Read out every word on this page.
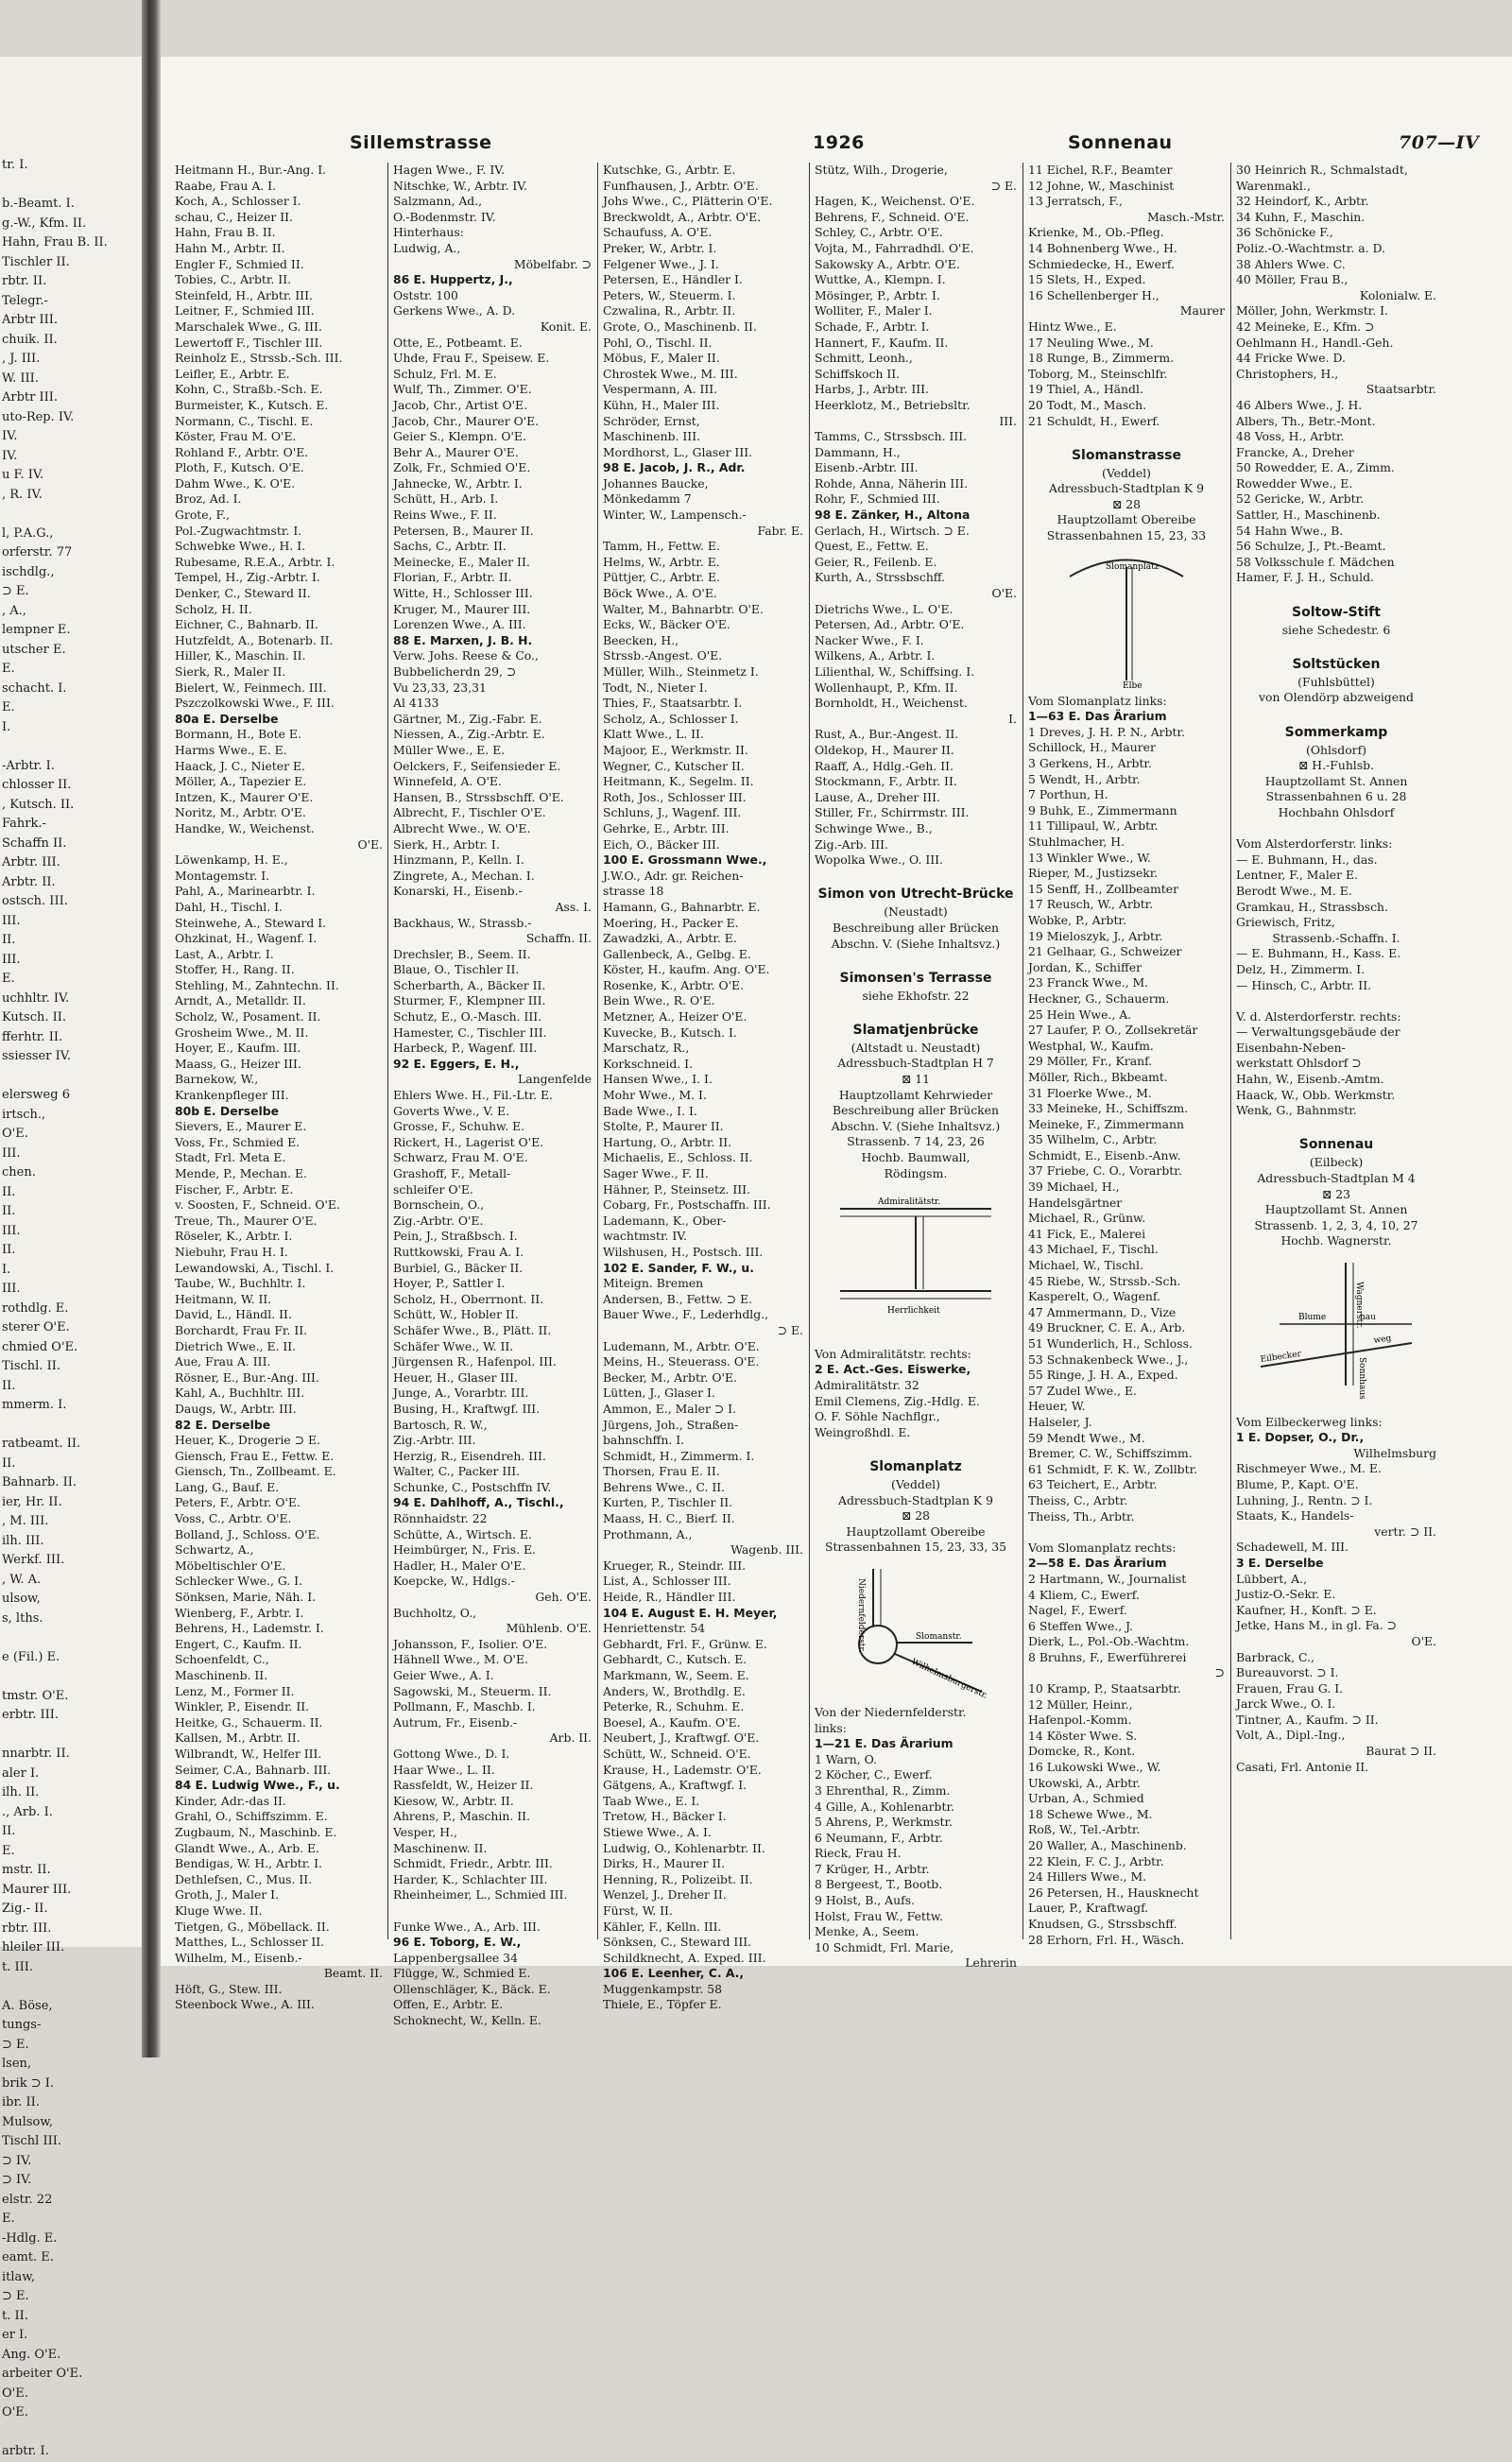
tr. I.
b.-Beamt. I.
g.-W., Kfm. II.
Hahn, Frau B. II.
Tischler II.
rbtr. II.
Telegr.-
Arbtr III.
chuik. II.
, J. III.
W. III.
Arbtr III.
uto-Rep. IV.
IV.
IV.
u F. IV.
, R. IV.
l, P.A.G.,
orferstr. 77
ischdlg.,
⊃ E.
, A.,
lempner E.
utscher E.
E.
schacht. I.
E.
I.
-Arbtr. I.
chlosser II.
, Kutsch. II.
Fahrk.-
Schaffn II.
Arbtr. III.
Arbtr. II.
ostsch. III.
III.
II.
III.
E.
uchhltr. IV.
Kutsch. II.
fferhtr. II.
ssiesser IV.
elersweg 6
irtsch.,
O'E.
III.
chen.
II.
II.
III.
II.
I.
III.
rothdlg. E.
sterer O'E.
chmied O'E.
Tischl. II.
II.
mmerm. I.
ratbeamt. II.
II.
Bahnarb. II.
ier, Hr. II.
, M. III.
ilh. III.
Werkf. III.
, W. A.
ulsow,
s, lths.
e (Fil.) E.
tmstr. O'E.
erbtr. III.
nnarbtr. II.
aler I.
ilh. II.
., Arb. I.
II.
E.
mstr. II.
Maurer III.
Zig.- II.
rbtr. III.
hleiler III.
t. III.
A. Böse,
tungs-
⊃ E.
lsen,
brik ⊃ I.
ibr. II.
Mulsow,
Tischl III.
⊃ IV.
⊃ IV.
elstr. 22
E.
-Hdlg. E.
eamt. E.
itlaw,
⊃ E.
t. II.
er I.
Ang. O'E.
arbeiter O'E.
O'E.
O'E.
arbtr. I.
Sillemstrasse	1926	Sonnenau	707—IV
Heitmann H., Bur.-Ang. I.
Raabe, Frau A. I.
Koch, A., Schlosser I.
schau, C., Heizer II.
Hahn, Frau B. II.
Hahn M., Arbtr. II.
Engler F., Schmied II.
Tobies, C., Arbtr. II.
Steinfeld, H., Arbtr. III.
Leitner, F., Schmied III.
Marschalek Wwe., G. III.
Lewertoff F., Tischler III.
Reinholz E., Strssb.-Sch. III.
Leifler, E., Arbtr. E.
Kohn, C., Straßb.-Sch. E.
Burmeister, K., Kutsch. E.
Normann, C., Tischl. E.
Köster, Frau M. O'E.
Rohland F., Arbtr. O'E.
Ploth, F., Kutsch. O'E.
Dahm Wwe., K. O'E.
Broz, Ad. I.
Grote, F.,
Pol.-Zugwachtmstr. I.
Schwebke Wwe., H. I.
Rubesame, R.E.A., Arbtr. I.
Tempel, H., Zig.-Arbtr. I.
Denker, C., Steward II.
Scholz, H. II.
Eichner, C., Bahnarb. II.
Hutzfeldt, A., Botenarb. II.
Hiller, K., Maschin. II.
Sierk, R., Maler II.
Bielert, W., Feinmech. III.
Pszczolkowski Wwe., F. III.
80a E. Derselbe
Bormann, H., Bote E.
Harms Wwe., E. E.
Haack, J. C., Nieter E.
Möller, A., Tapezier E.
Intzen, K., Maurer O'E.
Noritz, M., Arbtr. O'E.
Handke, W., Weichenst.
O'E.
Löwenkamp, H. E.,
Montagemstr. I.
Pahl, A., Marinearbtr. I.
Dahl, H., Tischl. I.
Steinwehe, A., Steward I.
Ohzkinat, H., Wagenf. I.
Last, A., Arbtr. I.
Stoffer, H., Rang. II.
Stehling, M., Zahntechn. II.
Arndt, A., Metalldr. II.
Scholz, W., Posament. II.
Grosheim Wwe., M. II.
Hoyer, E., Kaufm. III.
Maass, G., Heizer III.
Barnekow, W.,
Krankenpfleger III.
80b E. Derselbe
Sievers, E., Maurer E.
Voss, Fr., Schmied E.
Stadt, Frl. Meta E.
Mende, P., Mechan. E.
Fischer, F., Arbtr. E.
v. Soosten, F., Schneid. O'E.
Treue, Th., Maurer O'E.
Röseler, K., Arbtr. I.
Niebuhr, Frau H. I.
Lewandowski, A., Tischl. I.
Taube, W., Buchhltr. I.
Heitmann, W. II.
David, L., Händl. II.
Borchardt, Frau Fr. II.
Dietrich Wwe., E. II.
Aue, Frau A. III.
Rösner, E., Bur.-Ang. III.
Kahl, A., Buchhltr. III.
Daugs, W., Arbtr. III.
82 E. Derselbe
Heuer, K., Drogerie ⊃ E.
Giensch, Frau E., Fettw. E.
Giensch, Tn., Zollbeamt. E.
Lang, G., Bauf. E.
Peters, F., Arbtr. O'E.
Voss, C., Arbtr. O'E.
Bolland, J., Schloss. O'E.
Schwartz, A.,
Möbeltischler O'E.
Schlecker Wwe., G. I.
Sönksen, Marie, Näh. I.
Wienberg, F., Arbtr. I.
Behrens, H., Lademstr. I.
Engert, C., Kaufm. II.
Schoenfeldt, C.,
Maschinenb. II.
Lenz, M., Former II.
Winkler, P., Eisendr. II.
Heitke, G., Schauerm. II.
Kallsen, M., Arbtr. II.
Wilbrandt, W., Helfer III.
Seimer, C.A., Bahnarb. III.
84 E. Ludwig Wwe., F., u.
Kinder, Adr.-das II.
Grahl, O., Schiffszimm. E.
Zugbaum, N., Maschinb. E.
Glandt Wwe., A., Arb. E.
Bendigas, W. H., Arbtr. I.
Dethlefsen, C., Mus. II.
Groth, J., Maler I.
Kluge Wwe. II.
Tietgen, G., Möbellack. II.
Matthes, L., Schlosser II.
Wilhelm, M., Eisenb.-
Beamt. II.
Höft, G., Stew. III.
Steenbock Wwe., A. III.
Hagen Wwe., F. IV.
Nitschke, W., Arbtr. IV.
Salzmann, Ad.,
O.-Bodenmstr. IV.
Hinterhaus:
Ludwig, A.,
Möbelfabr. ⊃
86 E. Huppertz, J.,
Oststr. 100
Gerkens Wwe., A. D.
Konit. E.
Otte, E., Potbeamt. E.
Uhde, Frau F., Speisew. E.
Schulz, Frl. M. E.
Wulf, Th., Zimmer. O'E.
Jacob, Chr., Artist O'E.
Jacob, Chr., Maurer O'E.
Geier S., Klempn. O'E.
Behr A., Maurer O'E.
Zolk, Fr., Schmied O'E.
Jahnecke, W., Arbtr. I.
Schütt, H., Arb. I.
Reins Wwe., F. II.
Petersen, B., Maurer II.
Sachs, C., Arbtr. II.
Meinecke, E., Maler II.
Florian, F., Arbtr. II.
Witte, H., Schlosser III.
Kruger, M., Maurer III.
Lorenzen Wwe., A. III.
88 E. Marxen, J. B. H.
Verw. Johs. Reese & Co.,
Bubbelicherdn 29, ⊃
Vu 23,33, 23,31
Al 4133
Gärtner, M., Zig.-Fabr. E.
Niessen, A., Zig.-Arbtr. E.
Müller Wwe., E. E.
Oelckers, F., Seifensieder E.
Winnefeld, A. O'E.
Hansen, B., Strssbschff. O'E.
Albrecht, F., Tischler O'E.
Albrecht Wwe., W. O'E.
Sierk, H., Arbtr. I.
Hinzmann, P., Kelln. I.
Zingrete, A., Mechan. I.
Konarski, H., Eisenb.-
Ass. I.
Backhaus, W., Strassb.-
Schaffn. II.
Drechsler, B., Seem. II.
Blaue, O., Tischler II.
Scherbarth, A., Bäcker II.
Sturmer, F., Klempner III.
Schutz, E., O.-Masch. III.
Hamester, C., Tischler III.
Harbeck, P., Wagenf. III.
92 E. Eggers, E. H.,
Langenfelde
Ehlers Wwe. H., Fil.-Ltr. E.
Goverts Wwe., V. E.
Grosse, F., Schuhw. E.
Rickert, H., Lagerist O'E.
Schwarz, Frau M. O'E.
Grashoff, F., Metall-
schleifer O'E.
Bornschein, O.,
Zig.-Arbtr. O'E.
Pein, J., Straßbsch. I.
Ruttkowski, Frau A. I.
Burbiel, G., Bäcker II.
Hoyer, P., Sattler I.
Scholz, H., Oberrnont. II.
Schütt, W., Hobler II.
Schäfer Wwe., B., Plätt. II.
Schäfer Wwe., W. II.
Jürgensen R., Hafenpol. III.
Heuer, H., Glaser III.
Junge, A., Vorarbtr. III.
Busing, H., Kraftwgf. III.
Bartosch, R. W.,
Zig.-Arbtr. III.
Herzig, R., Eisendreh. III.
Walter, C., Packer III.
Schunke, C., Postschffn IV.
94 E. Dahlhoff, A., Tischl.,
Rönnhaidstr. 22
Schütte, A., Wirtsch. E.
Heimbürger, N., Fris. E.
Hadler, H., Maler O'E.
Koepcke, W., Hdlgs.-
Geh. O'E.
Buchholtz, O.,
Mühlenb. O'E.
Johansson, F., Isolier. O'E.
Hähnell Wwe., M. O'E.
Geier Wwe., A. I.
Sagowski, M., Steuerm. II.
Pollmann, F., Maschb. I.
Autrum, Fr., Eisenb.-
Arb. II.
Gottong Wwe., D. I.
Haar Wwe., L. II.
Rassfeldt, W., Heizer II.
Kiesow, W., Arbtr. II.
Ahrens, P., Maschin. II.
Vesper, H.,
Maschinenw. II.
Schmidt, Friedr., Arbtr. III.
Harder, K., Schlachter III.
Rheinheimer, L., Schmied III.
Funke Wwe., A., Arb. III.
96 E. Toborg, E. W.,
Lappenbergsallee 34
Flügge, W., Schmied E.
Ollenschläger, K., Bäck. E.
Offen, E., Arbtr. E.
Schoknecht, W., Kelln. E.
Kutschke, G., Arbtr. E.
Funfhausen, J., Arbtr. O'E.
Johs Wwe., C., Plätterin O'E.
Breckwoldt, A., Arbtr. O'E.
Schaufuss, A. O'E.
Preker, W., Arbtr. I.
Felgener Wwe., J. I.
Petersen, E., Händler I.
Peters, W., Steuerm. I.
Czwalina, R., Arbtr. II.
Grote, O., Maschinenb. II.
Pohl, O., Tischl. II.
Möbus, F., Maler II.
Chrostek Wwe., M. III.
Vespermann, A. III.
Kühn, H., Maler III.
Schröder, Ernst,
Maschinenb. III.
Mordhorst, L., Glaser III.
98 E. Jacob, J. R., Adr.
Johannes Baucke,
Mönkedamm 7
Winter, W., Lampensch.-
Fabr. E.
Tamm, H., Fettw. E.
Helms, W., Arbtr. E.
Püttjer, C., Arbtr. E.
Böck Wwe., A. O'E.
Walter, M., Bahnarbtr. O'E.
Ecks, W., Bäcker O'E.
Beecken, H.,
Strssb.-Angest. O'E.
Müller, Wilh., Steinmetz I.
Todt, N., Nieter I.
Thies, F., Staatsarbtr. I.
Scholz, A., Schlosser I.
Klatt Wwe., L. II.
Majoor, E., Werkmstr. II.
Wegner, C., Kutscher II.
Heitmann, K., Segelm. II.
Roth, Jos., Schlosser III.
Schluns, J., Wagenf. III.
Gehrke, E., Arbtr. III.
Eich, O., Bäcker III.
100 E. Grossmann Wwe.,
J.W.O., Adr. gr. Reichen-
strasse 18
Hamann, G., Bahnarbtr. E.
Moering, H., Packer E.
Zawadzki, A., Arbtr. E.
Gallenbeck, A., Gelbg. E.
Köster, H., kaufm. Ang. O'E.
Rosenke, K., Arbtr. O'E.
Bein Wwe., R. O'E.
Metzner, A., Heizer O'E.
Kuvecke, B., Kutsch. I.
Marschatz, R.,
Korkschneid. I.
Hansen Wwe., I. I.
Mohr Wwe., M. I.
Bade Wwe., I. I.
Stolte, P., Maurer II.
Hartung, O., Arbtr. II.
Michaelis, E., Schloss. II.
Sager Wwe., F. II.
Hähner, P., Steinsetz. III.
Cobarg, Fr., Postschaffn. III.
Lademann, K., Ober-
wachtmstr. IV.
Wilshusen, H., Postsch. III.
102 E. Sander, F. W., u.
Miteign. Bremen
Andersen, B., Fettw. ⊃ E.
Bauer Wwe., F., Lederhdlg.,
⊃ E.
Ludemann, M., Arbtr. O'E.
Meins, H., Steuerass. O'E.
Becker, M., Arbtr. O'E.
Lütten, J., Glaser I.
Ammon, E., Maler ⊃ I.
Jürgens, Joh., Straßen-
bahnschffn. I.
Schmidt, H., Zimmerm. I.
Thorsen, Frau E. II.
Behrens Wwe., C. II.
Kurten, P., Tischler II.
Maass, H. C., Bierf. II.
Prothmann, A.,
Wagenb. III.
Krueger, R., Steindr. III.
List, A., Schlosser III.
Heide, R., Händler III.
104 E. August E. H. Meyer,
Henriettenstr. 54
Gebhardt, Frl. F., Grünw. E.
Gebhardt, C., Kutsch. E.
Markmann, W., Seem. E.
Anders, W., Brothdlg. E.
Peterke, R., Schuhm. E.
Boesel, A., Kaufm. O'E.
Neubert, J., Kraftwgf. O'E.
Schütt, W., Schneid. O'E.
Krause, H., Lademstr. O'E.
Gätgens, A., Kraftwgf. I.
Taab Wwe., E. I.
Tretow, H., Bäcker I.
Stiewe Wwe., A. I.
Ludwig, O., Kohlenarbtr. II.
Dirks, H., Maurer II.
Henning, R., Polizeibt. II.
Wenzel, J., Dreher II.
Fürst, W. II.
Kähler, F., Kelln. III.
Sönksen, C., Steward III.
Schildknecht, A. Exped. III.
106 E. Leenher, C. A.,
Muggenkampstr. 58
Thiele, E., Töpfer E.
Stütz, Wilh., Drogerie,
⊃ E.
Hagen, K., Weichenst. O'E.
Behrens, F., Schneid. O'E.
Schley, C., Arbtr. O'E.
Vojta, M., Fahrradhdl. O'E.
Sakowsky A., Arbtr. O'E.
Wuttke, A., Klempn. I.
Mösinger, P., Arbtr. I.
Wolliter, F., Maler I.
Schade, F., Arbtr. I.
Hannert, F., Kaufm. II.
Schmitt, Leonh.,
Schiffskoch II.
Harbs, J., Arbtr. III.
Heerklotz, M., Betriebsltr.
III.
Tamms, C., Strssbsch. III.
Dammann, H.,
Eisenb.-Arbtr. III.
Rohde, Anna, Näherin III.
Rohr, F., Schmied III.
98 E. Zänker, H., Altona
Gerlach, H., Wirtsch. ⊃ E.
Quest, E., Fettw. E.
Geier, R., Feilenb. E.
Kurth, A., Strssbschff.
O'E.
Dietrichs Wwe., L. O'E.
Petersen, Ad., Arbtr. O'E.
Nacker Wwe., F. I.
Wilkens, A., Arbtr. I.
Lilienthal, W., Schiffsing. I.
Wollenhaupt, P., Kfm. II.
Bornholdt, H., Weichenst.
I.
Rust, A., Bur.-Angest. II.
Oldekop, H., Maurer II.
Raaff, A., Hdlg.-Geh. II.
Stockmann, F., Arbtr. II.
Lause, A., Dreher III.
Stiller, Fr., Schirrmstr. III.
Schwinge Wwe., B.,
Zig.-Arb. III.
Wopolka Wwe., O. III.
Simon von Utrecht-Brücke
(Neustadt)
Beschreibung aller Brücken
Abschn. V. (Siehe Inhaltsvz.)
Simonsen's Terrasse
siehe Ekhofstr. 22
Slamatjenbrücke
(Altstadt u. Neustadt)
Adressbuch-Stadtplan H 7
⊠ 11
Hauptzollamt Kehrwieder
Beschreibung aller Brücken
Abschn. V. (Siehe Inhaltsvz.)
Strassenb. 7 14, 23, 26
Hochb. Baumwall,
Rödingsm.
Admiralitätstr.
Herrlichkeit
Von Admiralitätstr. rechts:
2 E. Act.-Ges. Eiswerke,
Admiralitätstr. 32
Emil Clemens, Zig.-Hdlg. E.
O. F. Söhle Nachflgr.,
Weingroßhdl. E.
Slomanplatz
(Veddel)
Adressbuch-Stadtplan K 9
⊠ 28
Hauptzollamt Obereibe
Strassenbahnen 15, 23, 33, 35
Niedernfelderstr.	Slomanstr.
Wilhelmsburgerstr.
Von der Niedernfelderstr.
links:
1—21 E. Das Ärarium
1 Warn, O.
2 Köcher, C., Ewerf.
3 Ehrenthal, R., Zimm.
4 Gille, A., Kohlenarbtr.
5 Ahrens, P., Werkmstr.
6 Neumann, F., Arbtr.
Rieck, Frau H.
7 Krüger, H., Arbtr.
8 Bergeest, T., Bootb.
9 Holst, B., Aufs.
Holst, Frau W., Fettw.
Menke, A., Seem.
10 Schmidt, Frl. Marie,
Lehrerin
11 Eichel, R.F., Beamter
12 Johne, W., Maschinist
13 Jerratsch, F.,
Masch.-Mstr.
Krienke, M., Ob.-Pfleg.
14 Bohnenberg Wwe., H.
Schmiedecke, H., Ewerf.
15 Slets, H., Exped.
16 Schellenberger H.,
Maurer
Hintz Wwe., E.
17 Neuling Wwe., M.
18 Runge, B., Zimmerm.
Toborg, M., Steinschlfr.
19 Thiel, A., Händl.
20 Todt, M., Masch.
21 Schuldt, H., Ewerf.
Slomanstrasse
(Veddel)
Adressbuch-Stadtplan K 9
⊠ 28
Hauptzollamt Obereibe
Strassenbahnen 15, 23, 33
Slomanplatz
Elbe
Vom Slomanplatz links:
1—63 E. Das Ärarium
1 Dreves, J. H. P. N., Arbtr.
Schillock, H., Maurer
3 Gerkens, H., Arbtr.
5 Wendt, H., Arbtr.
7 Porthun, H.
9 Buhk, E., Zimmermann
11 Tillipaul, W., Arbtr.
Stuhlmacher, H.
13 Winkler Wwe., W.
Rieper, M., Justizsekr.
15 Senff, H., Zollbeamter
17 Reusch, W., Arbtr.
Wobke, P., Arbtr.
19 Mieloszyk, J., Arbtr.
21 Gelhaar, G., Schweizer
Jordan, K., Schiffer
23 Franck Wwe., M.
Heckner, G., Schauerm.
25 Hein Wwe., A.
27 Laufer, P. O., Zollsekretär
Westphal, W., Kaufm.
29 Möller, Fr., Kranf.
Möller, Rich., Bkbeamt.
31 Floerke Wwe., M.
33 Meineke, H., Schiffszm.
Meineke, F., Zimmermann
35 Wilhelm, C., Arbtr.
Schmidt, E., Eisenb.-Anw.
37 Friebe, C. O., Vorarbtr.
39 Michael, H.,
Handelsgärtner
Michael, R., Grünw.
41 Fick, E., Malerei
43 Michael, F., Tischl.
Michael, W., Tischl.
45 Riebe, W., Strssb.-Sch.
Kasperelt, O., Wagenf.
47 Ammermann, D., Vize
49 Bruckner, C. E. A., Arb.
51 Wunderlich, H., Schloss.
53 Schnakenbeck Wwe., J.,
55 Ringe, J. H. A., Exped.
57 Zudel Wwe., E.
Heuer, W.
Halseler, J.
59 Mendt Wwe., M.
Bremer, C. W., Schiffszimm.
61 Schmidt, F. K. W., Zollbtr.
63 Teichert, E., Arbtr.
Theiss, C., Arbtr.
Theiss, Th., Arbtr.
Vom Slomanplatz rechts:
2—58 E. Das Ärarium
2 Hartmann, W., Journalist
4 Kliem, C., Ewerf.
Nagel, F., Ewerf.
6 Steffen Wwe., J.
Dierk, L., Pol.-Ob.-Wachtm.
8 Bruhns, F., Ewerführerei
⊃
10 Kramp, P., Staatsarbtr.
12 Müller, Heinr.,
Hafenpol.-Komm.
14 Köster Wwe. S.
Domcke, R., Kont.
16 Lukowski Wwe., W.
Ukowski, A., Arbtr.
Urban, A., Schmied
18 Schewe Wwe., M.
Roß, W., Tel.-Arbtr.
20 Waller, A., Maschinenb.
22 Klein, F. C. J., Arbtr.
24 Hillers Wwe., M.
26 Petersen, H., Hausknecht
Lauer, P., Kraftwagf.
Knudsen, G., Strssbschff.
28 Erhorn, Frl. H., Wäsch.
30 Heinrich R., Schmalstadt,
Warenmakl.,
32 Heindorf, K., Arbtr.
34 Kuhn, F., Maschin.
36 Schönicke F.,
Poliz.-O.-Wachtmstr. a. D.
38 Ahlers Wwe. C.
40 Möller, Frau B.,
Kolonialw. E.
Möller, John, Werkmstr. I.
42 Meineke, E., Kfm. ⊃
Oehlmann H., Handl.-Geh.
44 Fricke Wwe. D.
Christophers, H.,
Staatsarbtr.
46 Albers Wwe., J. H.
Albers, Th., Betr.-Mont.
48 Voss, H., Arbtr.
Francke, A., Dreher
50 Rowedder, E. A., Zimm.
Rowedder Wwe., E.
52 Gericke, W., Arbtr.
Sattler, H., Maschinenb.
54 Hahn Wwe., B.
56 Schulze, J., Pt.-Beamt.
58 Volksschule f. Mädchen
Hamer, F. J. H., Schuld.
Soltow-Stift
siehe Schedestr. 6
Soltstücken
(Fuhlsbüttel)
von Olendörp abzweigend
Sommerkamp
(Ohlsdorf)
⊠ H.-Fuhlsb.
Hauptzollamt St. Annen
Strassenbahnen 6 u. 28
Hochbahn Ohlsdorf
Vom Alsterdorferstr. links:
— E. Buhmann, H., das.
Lentner, F., Maler E.
Berodt Wwe., M. E.
Gramkau, H., Strassbsch.
Griewisch, Fritz,
Strassenb.-Schaffn. I.
— E. Buhmann, H., Kass. E.
Delz, H., Zimmerm. I.
— Hinsch, C., Arbtr. II.
V. d. Alsterdorferstr. rechts:
— Verwaltungsgebäude der
Eisenbahn-Neben-
werkstatt Ohlsdorf ⊃
Hahn, W., Eisenb.-Amtm.
Haack, W., Obb. Werkmstr.
Wenk, G., Bahnmstr.
Sonnenau
(Eilbeck)
Adressbuch-Stadtplan M 4
⊠ 23
Hauptzollamt St. Annen
Strassenb. 1, 2, 3, 4, 10, 27
Hochb. Wagnerstr.
Wagnerstr.
Blume	nau
Eilbecker
weg
Sonnhaus
Vom Eilbeckerweg links:
1 E. Dopser, O., Dr.,
Wilhelmsburg
Rischmeyer Wwe., M. E.
Blume, P., Kapt. O'E.
Luhning, J., Rentn. ⊃ I.
Staats, K., Handels-
vertr. ⊃ II.
Schadewell, M. III.
3 E. Derselbe
Lübbert, A.,
Justiz-O.-Sekr. E.
Kaufner, H., Konft. ⊃ E.
Jetke, Hans M., in gl. Fa. ⊃
O'E.
Barbrack, C.,
Bureauvorst. ⊃ I.
Frauen, Frau G. I.
Jarck Wwe., O. I.
Tintner, A., Kaufm. ⊃ II.
Volt, A., Dipl.-Ing.,
Baurat ⊃ II.
Casati, Frl. Antonie II.
